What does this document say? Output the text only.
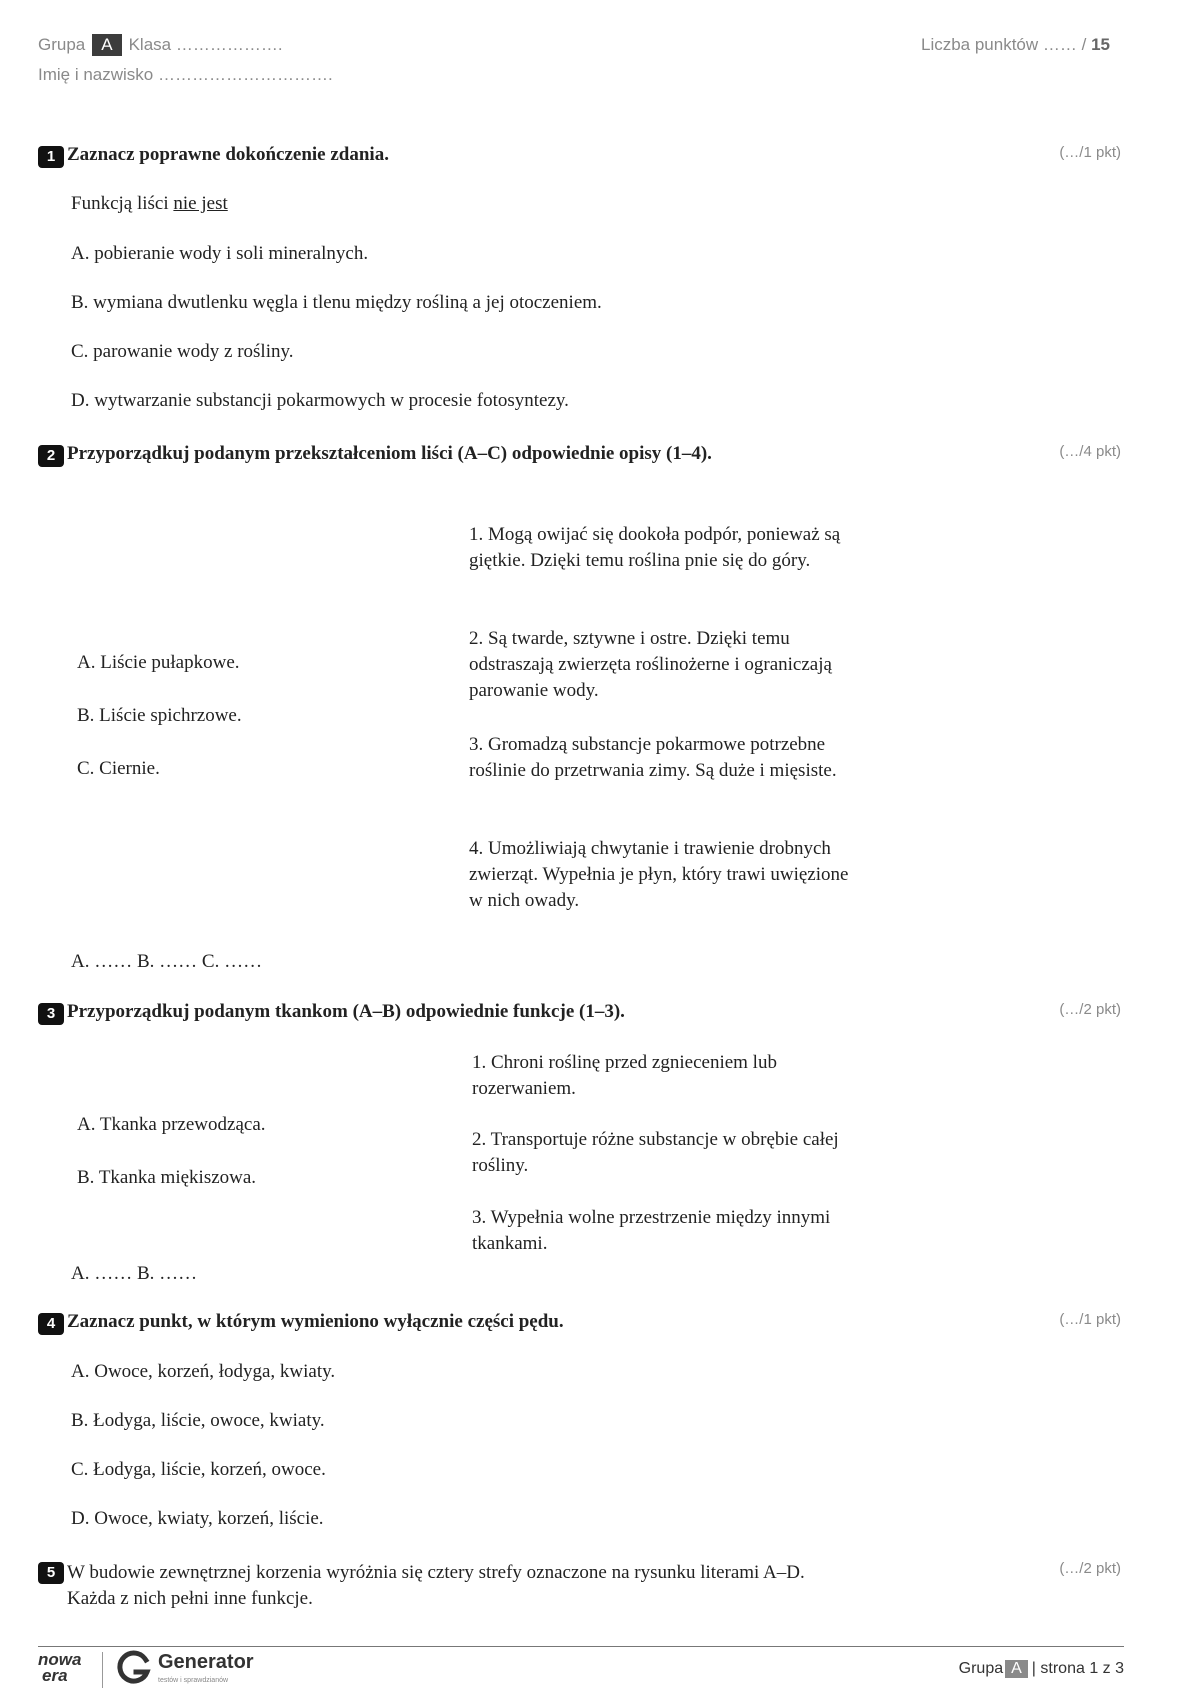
Grupa A Klasa ……………….
Imię i nazwisko ………………………….
Liczba punktów …… / 15
1 Zaznacz poprawne dokończenie zdania.	(…/1 pkt)
Funkcją liści nie jest
A. pobieranie wody i soli mineralnych.
B. wymiana dwutlenku węgla i tlenu między rośliną a jej otoczeniem.
C. parowanie wody z rośliny.
D. wytwarzanie substancji pokarmowych w procesie fotosyntezy.
2 Przyporządkuj podanym przekształceniom liści (A–C) odpowiednie opisy (1–4).	(…/4 pkt)
A. Liście pułapkowe.
B. Liście spichrzowe.
C. Ciernie.
1. Mogą owijać się dookoła podpór, ponieważ są giętkie. Dzięki temu roślina pnie się do góry.
2. Są twarde, sztywne i ostre. Dzięki temu odstraszają zwierzęta roślinożerne i ograniczają parowanie wody.
3. Gromadzą substancje pokarmowe potrzebne roślinie do przetrwania zimy. Są duże i mięsiste.
4. Umożliwiają chwytanie i trawienie drobnych zwierząt. Wypełnia je płyn, który trawi uwięzione w nich owady.
A. …… B. …… C. ……
3 Przyporządkuj podanym tkankom (A–B) odpowiednie funkcje (1–3).	(…/2 pkt)
A. Tkanka przewodząca.
B. Tkanka miękiszowa.
1. Chroni roślinę przed zgnieceniem lub rozerwaniem.
2. Transportuje różne substancje w obrębie całej rośliny.
3. Wypełnia wolne przestrzenie między innymi tkankami.
A. …… B. ……
4 Zaznacz punkt, w którym wymieniono wyłącznie części pędu.	(…/1 pkt)
A. Owoce, korzeń, łodyga, kwiaty.
B. Łodyga, liście, owoce, kwiaty.
C. Łodyga, liście, korzeń, owoce.
D. Owoce, kwiaty, korzeń, liście.
5 W budowie zewnętrznej korzenia wyróżnia się cztery strefy oznaczone na rysunku literami A–D. Każda z nich pełni inne funkcje.
(…/2 pkt)
nowa
era
Generator
testów i sprawdzianów
Grupa A | strona 1 z 3
